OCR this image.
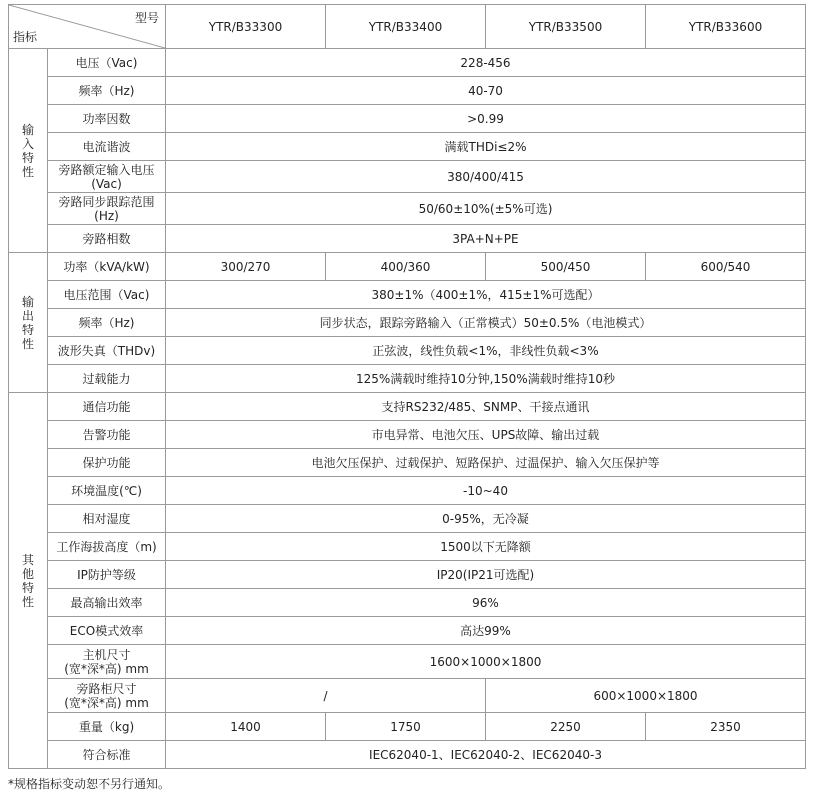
型号
指标		YTR/B33300	YTR/B33400	YTR/B33500	YTR/B33600

输
入
特
性	电压（Vac)	228-456			
	频率（Hz)	40-70			
	功率因数	>0.99			
	电流谐波	满载THDi≤2%			
	旁路额定输入电压
(Vac)	380/400/415			
	旁路同步跟踪范围
(Hz)	50/60±10%(±5%可选)			
	旁路相数	3PA+N+PE			

输
出
特
性	功率（kVA/kW)	300/270	400/360	500/450	600/540
	电压范围（Vac)	380±1%（400±1%，415±1%可选配）			
	频率（Hz)	同步状态，跟踪旁路输入（正常模式）50±0.5%（电池模式）			
	波形失真（THDv)	正弦波，线性负载<1%，非线性负载<3%			
	过载能力	125%满载时维持10分钟,150%满载时维持10秒			

其
他
特
性	通信功能	支持RS232/485、SNMP、干接点通讯			
	告警功能	市电异常、电池欠压、UPS故障、输出过载			
	保护功能	电池欠压保护、过载保护、短路保护、过温保护、输入欠压保护等			
	环境温度(℃)	-10~40			
	相对湿度	0-95%，无冷凝			
	工作海拔高度（m)	1500以下无降额			
	IP防护等级	IP20(IP21可选配)			
	最高输出效率	96%			
	ECO模式效率	高达99%			
	主机尺寸
(宽*深*高) mm	1600×1000×1800			
	旁路柜尺寸
(宽*深*高) mm	/		600×1000×1800	
	重量（kg)	1400	1750	2250	2350
	符合标准	IEC62040-1、IEC62040-2、IEC62040-3			
*规格指标变动恕不另行通知。
